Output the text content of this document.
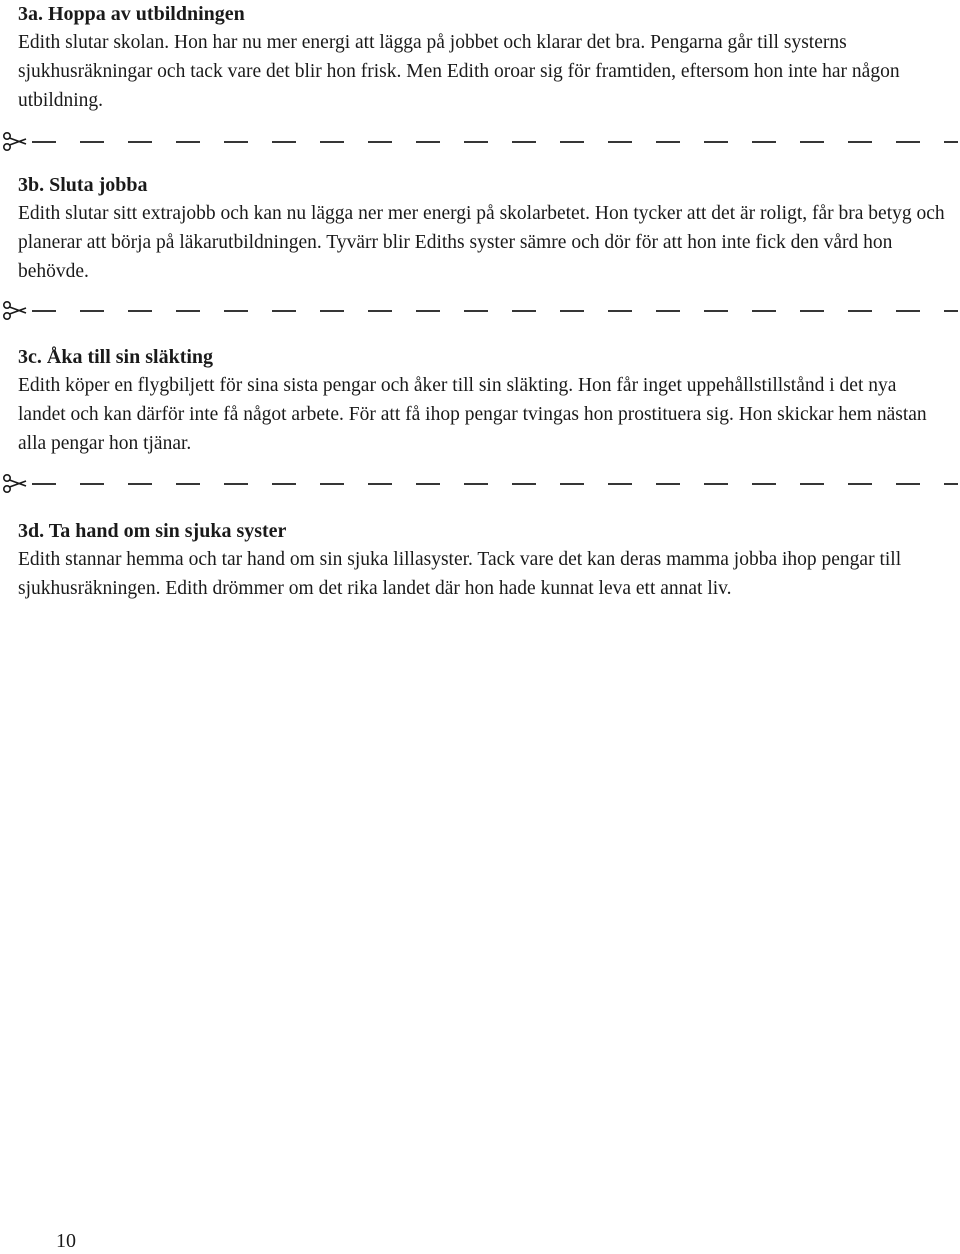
3a. Hoppa av utbildningen

Edith slutar skolan. Hon har nu mer energi att lägga på jobbet och klarar det bra. Pengarna går till systerns sjukhusräkningar och tack vare det blir hon frisk. Men Edith oroar sig för framtiden, eftersom hon inte har någon utbildning.

3b. Sluta jobba

Edith slutar sitt extrajobb och kan nu lägga ner mer energi på skolarbetet. Hon tycker att det är roligt, får bra betyg och planerar att börja på läkarutbildningen. Tyvärr blir Ediths syster sämre och dör för att hon inte fick den vård hon behövde.

3c. Åka till sin släkting

Edith köper en flygbiljett för sina sista pengar och åker till sin släkting. Hon får inget uppehållstillstånd i det nya landet och kan därför inte få något arbete. För att få ihop pengar tvingas hon prostituera sig. Hon skickar hem nästan alla pengar hon tjänar.

3d. Ta hand om sin sjuka syster

Edith stannar hemma och tar hand om sin sjuka lillasyster. Tack vare det kan deras mamma jobba ihop pengar till sjukhusräkningen. Edith drömmer om det rika landet där hon hade kunnat leva ett annat liv.

10
